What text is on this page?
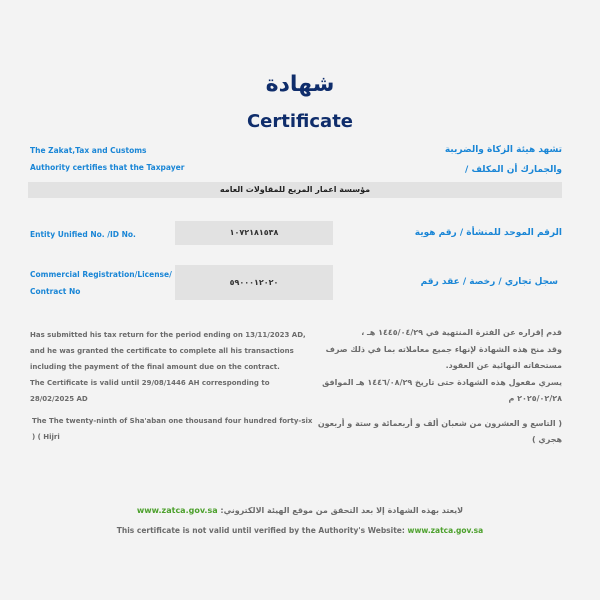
شهادة
Certificate
The Zakat,Tax and Customs
Authority certifies that the Taxpayer
تشهد هيئة الزكاة والضريبة
والجمارك أن المكلف /
مؤسسة اعمار المريع للمقاولات العامه
Entity Unified No. /ID No.	١٠٧٢١٨١٥٣٨	الرقم الموحد للمنشأة / رقم هوية
Commercial Registration/License/
Contract No
٥٩٠٠٠١٢٠٢٠	سجل تجاري / رخصة / عقد رقم

Has submitted his tax return for the period ending on 13/11/2023 AD, and he was granted the certificate to complete all his transactions including the payment of the final amount due on the contract.

The Certificate is valid until 29/08/1446 AH corresponding to 28/02/2025 AD

The The twenty-ninth of Sha'aban one thousand four hundred forty-six ) ( Hijri

قدم إقراره عن الفترة المنتهية في ١٤٤٥/٠٤/٢٩ هـ ،

وقد منح هذه الشهادة لإنهاء جميع معاملاته بما في ذلك صرف مستحقاته النهائية عن العقود.

يسري مفعول هذه الشهادة حتى تاريخ ١٤٤٦/٠٨/٢٩ هـ الموافق ٢٠٢٥/٠٢/٢٨ م

( التاسع و العشرون من شعبان ألف و أربعمائة و ستة و أربعون هجري )

لايعتد بهذه الشهادة إلا بعد التحقق من موقع الهيئة الالكتروني: www.zatca.gov.sa
This certificate is not valid until verified by the Authority's Website: www.zatca.gov.sa
